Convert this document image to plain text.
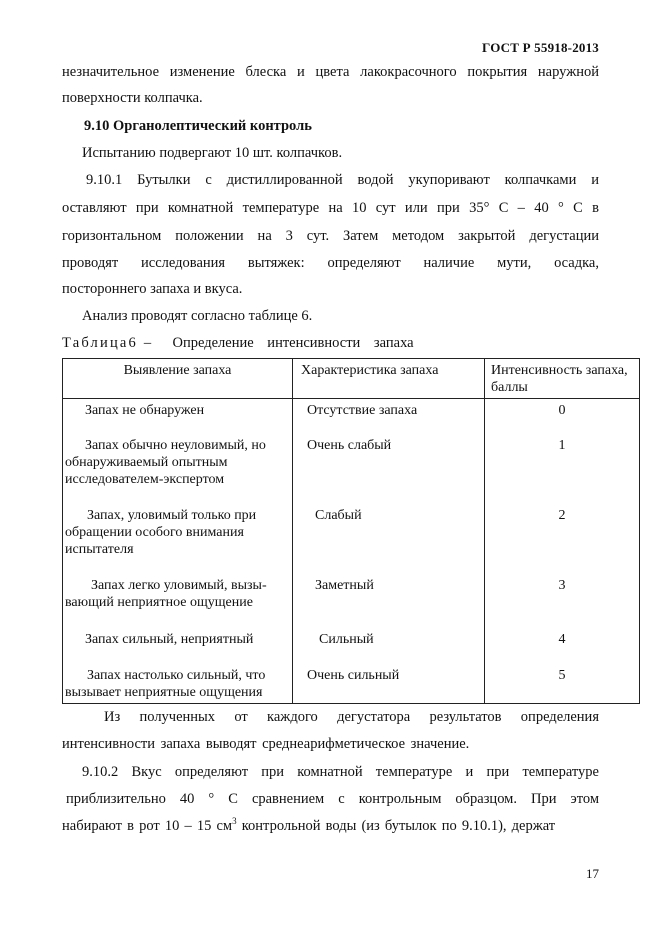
ГОСТ Р 55918-2013
незначительное изменение блеска и цвета лакокрасочного покрытия наружной
поверхности колпачка.
9.10 Органолептический контроль
Испытанию подвергают 10 шт. колпачков.
9.10.1 Бутылки с дистиллированной водой укупоривают колпачками и
оставляют при комнатной температуре на 10 сут или при 35° С – 40 ° С в
горизонтальном положении на 3 сут. Затем методом закрытой дегустации
проводят исследования вытяжек: определяют наличие мути, осадка,
постороннего запаха и вкуса.
Анализ проводят согласно таблице 6.
Таблица6 – Определение интенсивности запаха
Выявление запаха	Характеристика запаха	Интенсивность запаха, баллы
Запах не обнаружен	Отсутствие запаха	0
Запах обычно неуловимый, но обнаруживаемый опытным исследователем-экспертом	Очень слабый	1
Запах, уловимый только при обращении особого внимания испытателя	Слабый	2
Запах легко уловимый, вызы-вающий неприятное ощущение	Заметный	3
Запах сильный, неприятный	Сильный	4
Запах настолько сильный, что вызывает неприятные ощущения	Очень сильный	5
Из полученных от каждого дегустатора результатов определения
интенсивности запаха выводят среднеарифметическое значение.
9.10.2 Вкус определяют при комнатной температуре и при температуре
приблизительно 40 ° С сравнением с контрольным образцом. При этом
набирают в рот 10 – 15 $см^3$ контрольной воды (из бутылок по 9.10.1), держат
17
